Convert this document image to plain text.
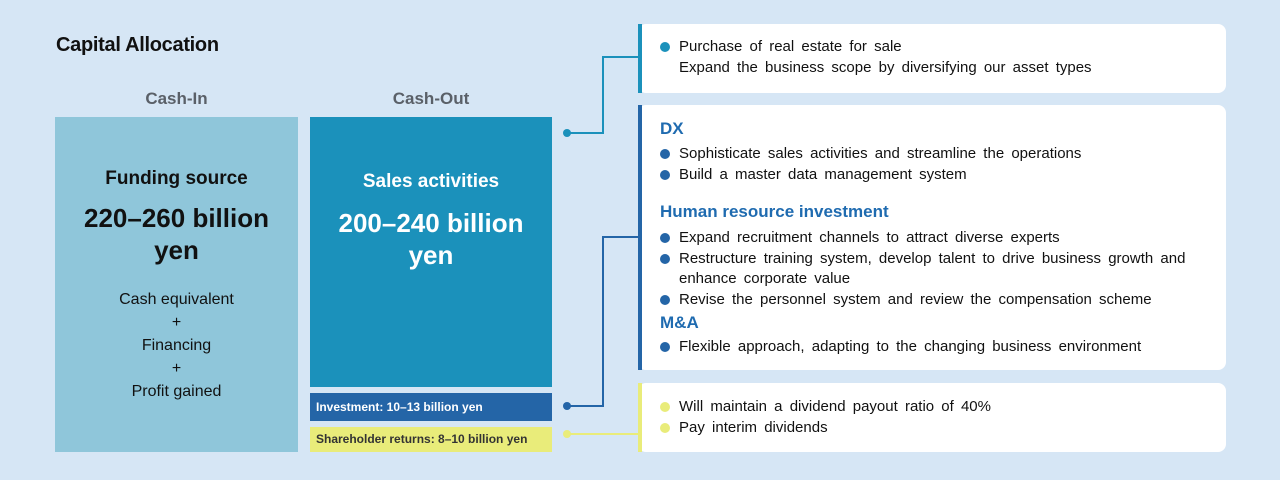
Capital Allocation
Cash-In	Cash-Out
Funding source
220–260 billion yen
Cash equivalent
+
Financing
+
Profit gained
Sales activities
200–240 billion yen
Investment: 10–13 billion yen
Shareholder returns: 8–10 billion yen
Purchase of real estate for sale
Expand the business scope by diversifying our asset types
DX
Sophisticate sales activities and streamline the operations
Build a master data management system
Human resource investment
Expand recruitment channels to attract diverse experts
Restructure training system, develop talent to drive business growth and enhance corporate value
Revise the personnel system and review the compensation scheme
M&A
Flexible approach, adapting to the changing business environment
Will maintain a dividend payout ratio of 40%
Pay interim dividends
